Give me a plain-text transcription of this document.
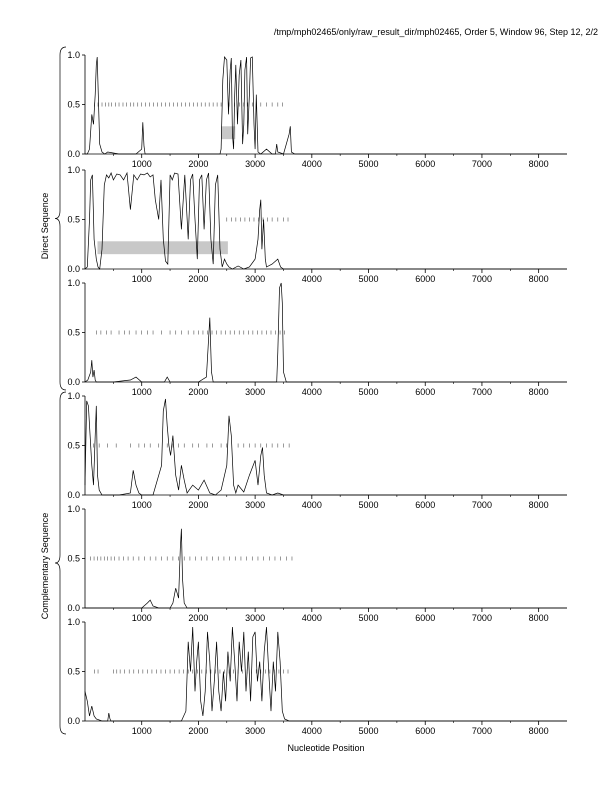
/tmp/mph02465/only/raw_result_dir/mph02465, Order 5, Window 96, Step 12, 2/2
0.0
0.5
1.0
1000	2000	3000	4000	5000	6000	7000	8000
0.0
0.5
1.0
1000	2000	3000	4000	5000	6000	7000	8000
0.0
0.5
1.0
1000	2000	3000	4000	5000	6000	7000	8000
0.0
0.5
1.0
1000	2000	3000	4000	5000	6000	7000	8000
0.0
0.5
1.0
1000	2000	3000	4000	5000	6000	7000	8000
0.0
0.5
1.0
1000	2000	3000	4000	5000	6000	7000	8000
Direct Sequence
Complementary Sequence
Nucleotide Position
